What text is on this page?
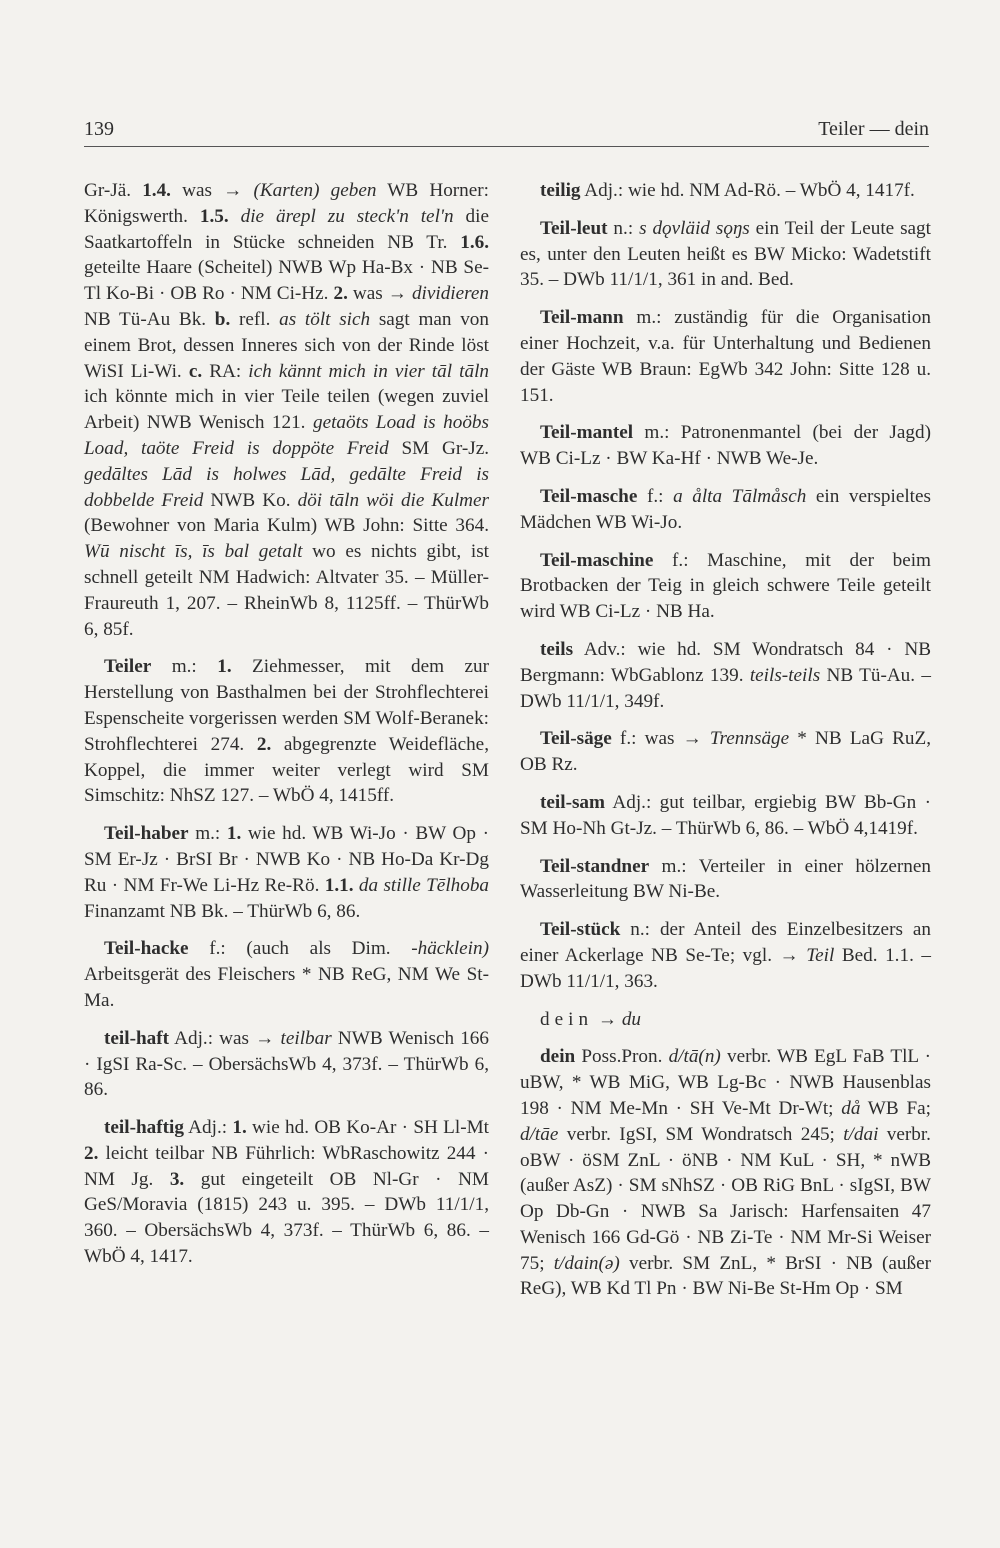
139	Teiler — dein

Gr-Jä. 1.4. was → (Karten) geben WB Horner: Königswerth. 1.5. die ärepl zu steck'n tel'n die Saatkartoffeln in Stücke schneiden NB Tr. 1.6. geteilte Haare (Scheitel) NWB Wp Ha-Bx · NB Se-Tl Ko-Bi · OB Ro · NM Ci-Hz. 2. was → dividieren NB Tü-Au Bk. b. refl. as tölt sich sagt man von einem Brot, dessen Inneres sich von der Rinde löst WiSI Li-Wi. c. RA: ich kännt mich in vier tāl tāln ich könnte mich in vier Teile teilen (wegen zuviel Arbeit) NWB Wenisch 121. getaöts Load is hoöbs Load, taöte Freid is doppöte Freid SM Gr-Jz. gedāltes Lād is holwes Lād, gedālte Freid is dobbelde Freid NWB Ko. döi tāln wöi die Kulmer (Bewohner von Maria Kulm) WB John: Sitte 364. Wū nischt īs, īs bal getalt wo es nichts gibt, ist schnell geteilt NM Hadwich: Altvater 35. – Müller-Fraureuth 1, 207. – RheinWb 8, 1125ff. – ThürWb 6, 85f.

Teiler m.: 1. Ziehmesser, mit dem zur Herstellung von Basthalmen bei der Strohflechterei Espenscheite vorgerissen werden SM Wolf-Beranek: Strohflechterei 274. 2. abgegrenzte Weidefläche, Koppel, die immer weiter verlegt wird SM Simschitz: NhSZ 127. – WbÖ 4, 1415ff.

Teil-haber m.: 1. wie hd. WB Wi-Jo · BW Op · SM Er-Jz · BrSI Br · NWB Ko · NB Ho-Da Kr-Dg Ru · NM Fr-We Li-Hz Re-Rö. 1.1. da stille Tēlhoba Finanzamt NB Bk. – ThürWb 6, 86.

Teil-hacke f.: (auch als Dim. -häcklein) Arbeitsgerät des Fleischers * NB ReG, NM We St-Ma.

teil-haft Adj.: was → teilbar NWB Wenisch 166 · IgSI Ra-Sc. – ObersächsWb 4, 373f. – ThürWb 6, 86.

teil-haftig Adj.: 1. wie hd. OB Ko-Ar · SH Ll-Mt 2. leicht teilbar NB Führlich: WbRaschowitz 244 · NM Jg. 3. gut eingeteilt OB Nl-Gr · NM GeS/Moravia (1815) 243 u. 395. – DWb 11/1/1, 360. – ObersächsWb 4, 373f. – ThürWb 6, 86. – WbÖ 4, 1417.

teilig Adj.: wie hd. NM Ad-Rö. – WbÖ 4, 1417f.

Teil-leut n.: s dǫvläid sǫŋs ein Teil der Leute sagt es, unter den Leuten heißt es BW Micko: Wadetstift 35. – DWb 11/1/1, 361 in and. Bed.

Teil-mann m.: zuständig für die Organisation einer Hochzeit, v.a. für Unterhaltung und Bedienen der Gäste WB Braun: EgWb 342 John: Sitte 128 u. 151.

Teil-mantel m.: Patronenmantel (bei der Jagd) WB Ci-Lz · BW Ka-Hf · NWB We-Je.

Teil-masche f.: a ålta Tālmåsch ein verspieltes Mädchen WB Wi-Jo.

Teil-maschine f.: Maschine, mit der beim Brotbacken der Teig in gleich schwere Teile geteilt wird WB Ci-Lz · NB Ha.

teils Adv.: wie hd. SM Wondratsch 84 · NB Bergmann: WbGablonz 139. teils-teils NB Tü-Au. – DWb 11/1/1, 349f.

Teil-säge f.: was → Trennsäge * NB LaG RuZ, OB Rz.

teil-sam Adj.: gut teilbar, ergiebig BW Bb-Gn · SM Ho-Nh Gt-Jz. – ThürWb 6, 86. – WbÖ 4,1419f.

Teil-standner m.: Verteiler in einer hölzernen Wasserleitung BW Ni-Be.

Teil-stück n.: der Anteil des Einzelbesitzers an einer Ackerlage NB Se-Te; vgl. → Teil Bed. 1.1. – DWb 11/1/1, 363.

dein → du

dein Poss.Pron. d/tā(n) verbr. WB EgL FaB TlL · uBW, * WB MiG, WB Lg-Bc · NWB Hausenblas 198 · NM Me-Mn · SH Ve-Mt Dr-Wt; då WB Fa; d/tāe verbr. IgSI, SM Wondratsch 245; t/dai verbr. oBW · öSM ZnL · öNB · NM KuL · SH, * nWB (außer AsZ) · SM sNhSZ · OB RiG BnL · sIgSI, BW Op Db-Gn · NWB Sa Jarisch: Harfensaiten 47 Wenisch 166 Gd-Gö · NB Zi-Te · NM Mr-Si Weiser 75; t/dain(ə) verbr. SM ZnL, * BrSI · NB (außer ReG), WB Kd Tl Pn · BW Ni-Be St-Hm Op · SM
